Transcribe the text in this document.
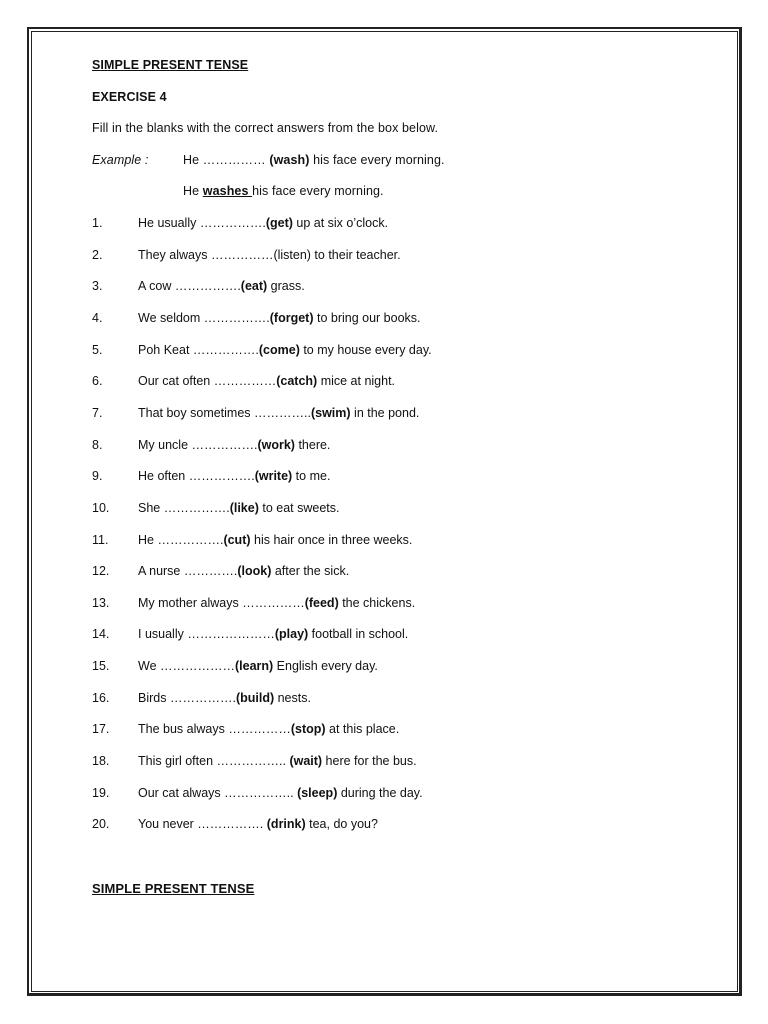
SIMPLE PRESENT TENSE
EXERCISE 4
Fill in the blanks with the correct answers from the box below.
Example :	He …………… (wash) his face every morning.
He washes his face every morning.
1.	He usually …………….(get) up at six o’clock.
2.	They always ……………(listen) to their teacher.
3.	A cow …………….(eat) grass.
4.	We seldom …………….(forget) to bring our books.
5.	Poh Keat …………….(come) to my house every day.
6.	Our cat often ……………(catch) mice at night.
7.	That boy sometimes …………..(swim) in the pond.
8.	My uncle …………….(work) there.
9.	He often …………….(write) to me.
10. She …………….(like) to eat sweets.
11. He …………….(cut) his hair once in three weeks.
12. A nurse ………….(look) after the sick.
13. My mother always ……………(feed) the chickens.
14. I usually …………………(play) football in school.
15. We ………………(learn) English every day.
16. Birds …………….(build) nests.
17. The bus always ……………(stop) at this place.
18. This girl often …………….. (wait) here for the bus.
19. Our cat always …………….. (sleep) during the day.
20. You never ……………. (drink) tea, do you?
SIMPLE PRESENT TENSE
